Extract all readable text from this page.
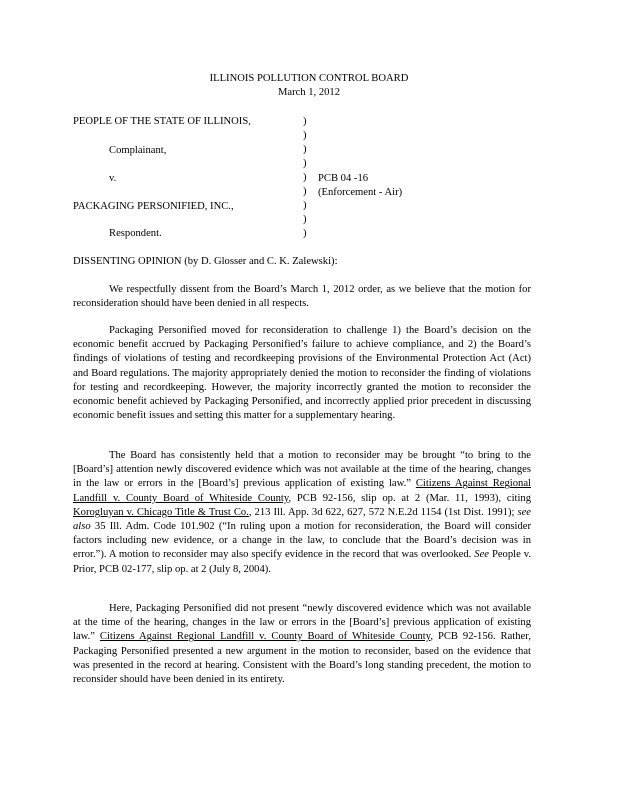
ILLINOIS POLLUTION CONTROL BOARD
March 1, 2012
PEOPLE OF THE STATE OF ILLINOIS,
Complainant,
v.
PACKAGING PERSONIFIED, INC.,
Respondent.
PCB 04 -16
(Enforcement - Air)
)
)
)
)
)
)
)
)
)
DISSENTING OPINION (by D. Glosser and C. K. Zalewski):

We respectfully dissent from the Board’s March 1, 2012 order, as we believe that the motion for reconsideration should have been denied in all respects.

Packaging Personified moved for reconsideration to challenge 1) the Board’s decision on the economic benefit accrued by Packaging Personified’s failure to achieve compliance, and 2) the Board’s findings of violations of testing and recordkeeping provisions of the Environmental Protection Act (Act) and Board regulations. The majority appropriately denied the motion to reconsider the finding of violations for testing and recordkeeping. However, the majority incorrectly granted the motion to reconsider the economic benefit achieved by Packaging Personified, and incorrectly applied prior precedent in discussing economic benefit issues and setting this matter for a supplementary hearing.

The Board has consistently held that a motion to reconsider may be brought “to bring to the [Board’s] attention newly discovered evidence which was not available at the time of the hearing, changes in the law or errors in the [Board’s] previous application of existing law.” Citizens Against Regional Landfill v. County Board of Whiteside County, PCB 92-156, slip op. at 2 (Mar. 11, 1993), citing Korogluyan v. Chicago Title & Trust Co., 213 Ill. App. 3d 622, 627, 572 N.E.2d 1154 (1st Dist. 1991); see also 35 Ill. Adm. Code 101.902 (“In ruling upon a motion for reconsideration, the Board will consider factors including new evidence, or a change in the law, to conclude that the Board’s decision was in error.”). A motion to reconsider may also specify evidence in the record that was overlooked. See People v. Prior, PCB 02-177, slip op. at 2 (July 8, 2004).

Here, Packaging Personified did not present “newly discovered evidence which was not available at the time of the hearing, changes in the law or errors in the [Board’s] previous application of existing law.” Citizens Against Regional Landfill v. County Board of Whiteside County, PCB 92-156. Rather, Packaging Personified presented a new argument in the motion to reconsider, based on the evidence that was presented in the record at hearing. Consistent with the Board’s long standing precedent, the motion to reconsider should have been denied in its entirety.
